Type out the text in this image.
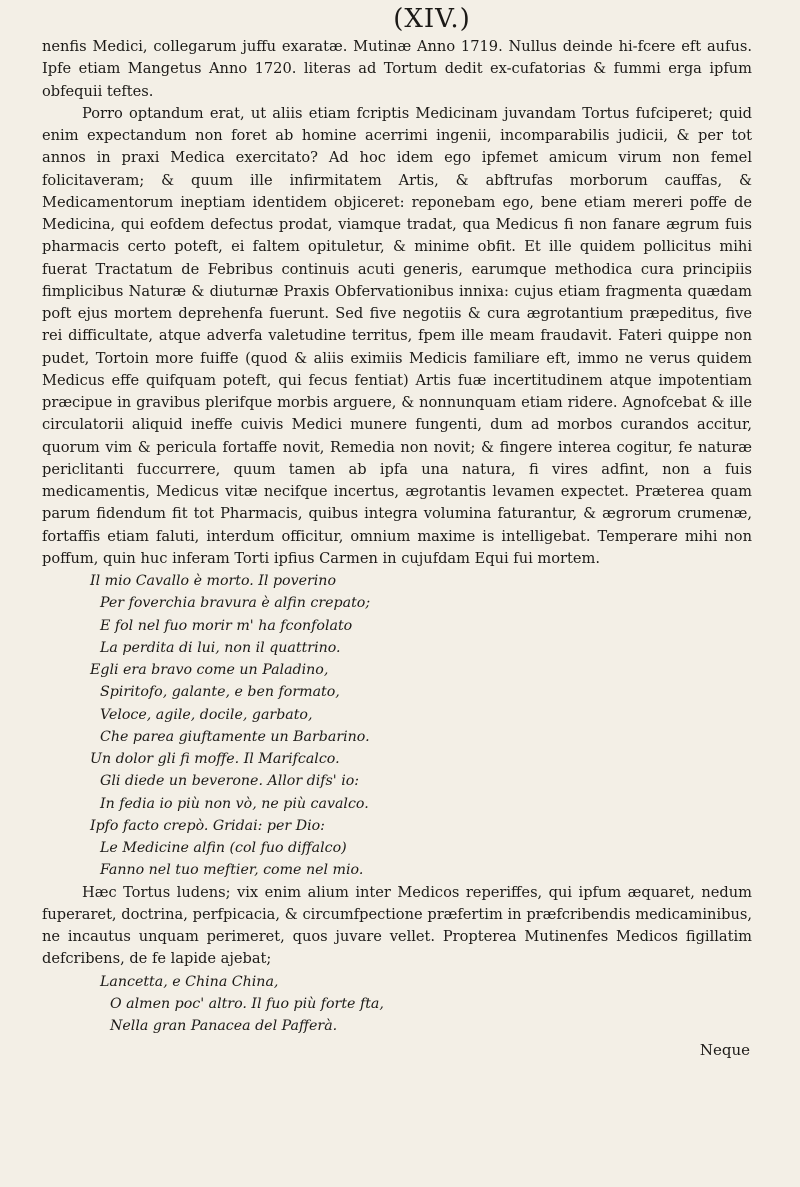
(XIV.)

nenfis Medici, collegarum juffu exaratæ. Mutinæ Anno 1719. Nullus deinde hi-fcere eft aufus. Ipfe etiam Mangetus Anno 1720. literas ad Tortum dedit ex-cufatorias & fummi erga ipfum obfequii teftes.

Porro optandum erat, ut aliis etiam fcriptis Medicinam juvandam Tortus fufciperet; quid enim expectandum non foret ab homine acerrimi ingenii, incomparabilis judicii, & per tot annos in praxi Medica exercitato? Ad hoc idem ego ipfemet amicum virum non femel folicitaveram; & quum ille infirmitatem Artis, & abftrufas morborum cauffas, & Medicamentorum ineptiam identidem objiceret: reponebam ego, bene etiam mereri poffe de Medicina, qui eofdem defectus prodat, viamque tradat, qua Medicus fi non fanare ægrum fuis pharmacis certo poteft, ei faltem opituletur, & minime obfit. Et ille quidem pollicitus mihi fuerat Tractatum de Febribus continuis acuti generis, earumque methodica cura principiis fimplicibus Naturæ & diuturnæ Praxis Obfervationibus innixa: cujus etiam fragmenta quædam poft ejus mortem deprehenfa fuerunt. Sed five negotiis & cura ægrotantium præpeditus, five rei difficultate, atque adverfa valetudine territus, fpem ille meam fraudavit. Fateri quippe non pudet, Tortoin more fuiffe (quod & aliis eximiis Medicis familiare eft, immo ne verus quidem Medicus effe quifquam poteft, qui fecus fentiat) Artis fuæ incertitudinem atque impotentiam præcipue in gravibus plerifque morbis arguere, & nonnunquam etiam ridere. Agnofcebat & ille circulatorii aliquid ineffe cuivis Medici munere fungenti, dum ad morbos curandos accitur, quorum vim & pericula fortaffe novit, Remedia non novit; & fingere interea cogitur, fe naturæ periclitanti fuccurrere, quum tamen ab ipfa una natura, fi vires adfint, non a fuis medicamentis, Medicus vitæ necifque incertus, ægrotantis levamen expectet. Præterea quam parum fidendum fit tot Pharmacis, quibus integra volumina faturantur, & ægrorum crumenæ, fortaffis etiam faluti, interdum officitur, omnium maxime is intelligebat. Temperare mihi non poffum, quin huc inferam Torti ipfius Carmen in cujufdam Equi fui mortem.

Il mio Cavallo è morto. Il poverino
Per foverchia bravura è alfin crepato;
E fol nel fuo morir m' ha fconfolato
La perdita di lui, non il quattrino.
Egli era bravo come un Paladino,
Spiritofo, galante, e ben formato,
Veloce, agile, docile, garbato,
Che parea giuftamente un Barbarino.
Un dolor gli fi moffe. Il Marifcalco.
Gli diede un beverone. Allor difs' io:
In fedia io più non vò, ne più cavalco.
Ipfo facto crepò. Gridai: per Dio:
Le Medicine alfin (col fuo diffalco)
Fanno nel tuo meftier, come nel mio.

Hæc Tortus ludens; vix enim alium inter Medicos reperiffes, qui ipfum æquaret, nedum fuperaret, doctrina, perfpicacia, & circumfpectione præfertim in præfcribendis medicaminibus, ne incautus unquam perimeret, quos juvare vellet. Propterea Mutinenfes Medicos figillatim defcribens, de fe lapide ajebat;

Lancetta, e China China,
O almen poc' altro. Il fuo più forte fta,
Nella gran Panacea del Pafferà.
Neque
